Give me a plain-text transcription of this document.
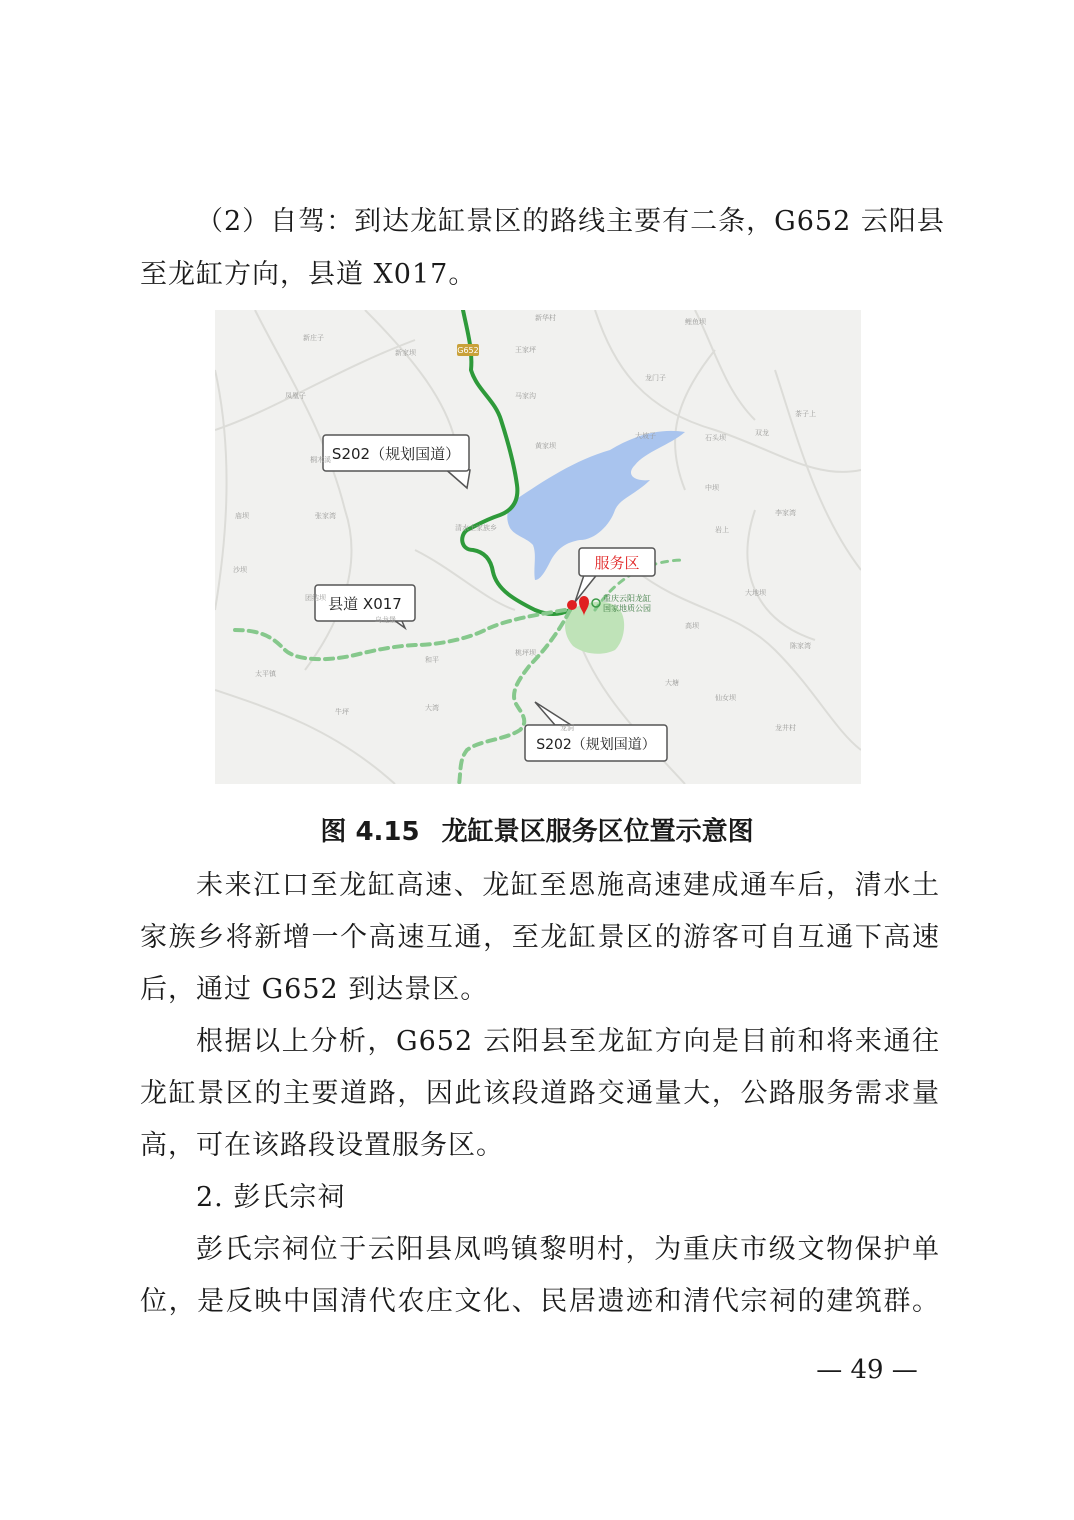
（2）自驾：到达龙缸景区的路线主要有二条，G652 云阳县
至龙缸方向，县道 X017。
G652
S202（规划国道）
县道 X017
服务区
S202（规划国道）
重庆云阳龙缸
国家地质公园
新庄子
新家坝
凤凰子
桐木溪
庙坝	张家湾
清水土家族乡
沙坝
团结坝
乌龙堡
和平
太平镇
牛坪
新华村
王家坪
龙门子
鲤鱼坝
马家沟
黄家坝
大坡子	石头坝
中坝
茶子上
双龙
岩上
李家湾
大地坝
高坝
陈家湾
大塘
仙女坝
龙井村
桃坪坝
大湾
龙洞
图 4.15 龙缸景区服务区位置示意图
未来江口至龙缸高速、龙缸至恩施高速建成通车后，清水土
家族乡将新增一个高速互通，至龙缸景区的游客可自互通下高速
后，通过 G652 到达景区。
根据以上分析，G652 云阳县至龙缸方向是目前和将来通往
龙缸景区的主要道路，因此该段道路交通量大，公路服务需求量
高，可在该路段设置服务区。
2. 彭氏宗祠
彭氏宗祠位于云阳县凤鸣镇黎明村，为重庆市级文物保护单
位，是反映中国清代农庄文化、民居遗迹和清代宗祠的建筑群。
— 49 —
